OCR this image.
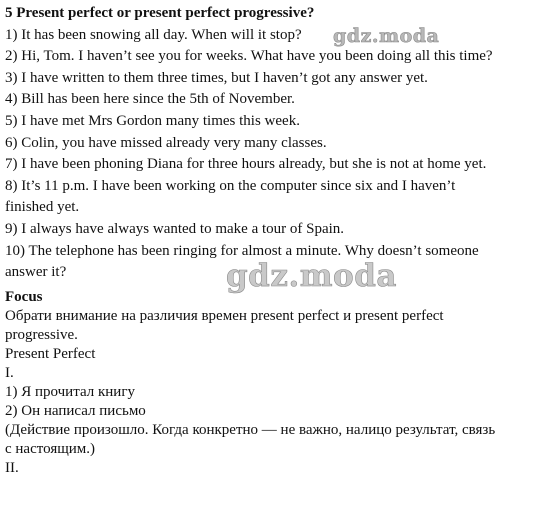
5 Present perfect or present perfect progressive?
1) It has been snowing all day. When will it stop?
2) Hi, Tom. I haven’t see you for weeks. What have you been doing all this time?
3) I have written to them three times, but I haven’t got any answer yet.
4) Bill has been here since the 5th of November.
5) I have met Mrs Gordon many times this week.
6) Colin, you have missed already very many classes.
7) I have been phoning Diana for three hours already, but she is not at home yet.
8) It’s 11 p.m. I have been working on the computer since six and I haven’t
finished yet.
9) I always have always wanted to make a tour of Spain.
10) The telephone has been ringing for almost a minute. Why doesn’t someone
answer it?
Focus
Обрати внимание на различия времен present perfect и present perfect
progressive.
Present Perfect
I.
1) Я прочитал книгу
2) Он написал письмо
(Действие произошло. Когда конкретно — не важно, налицо результат, связь
с настоящим.)
II.
gdz.moda
gdz.moda
